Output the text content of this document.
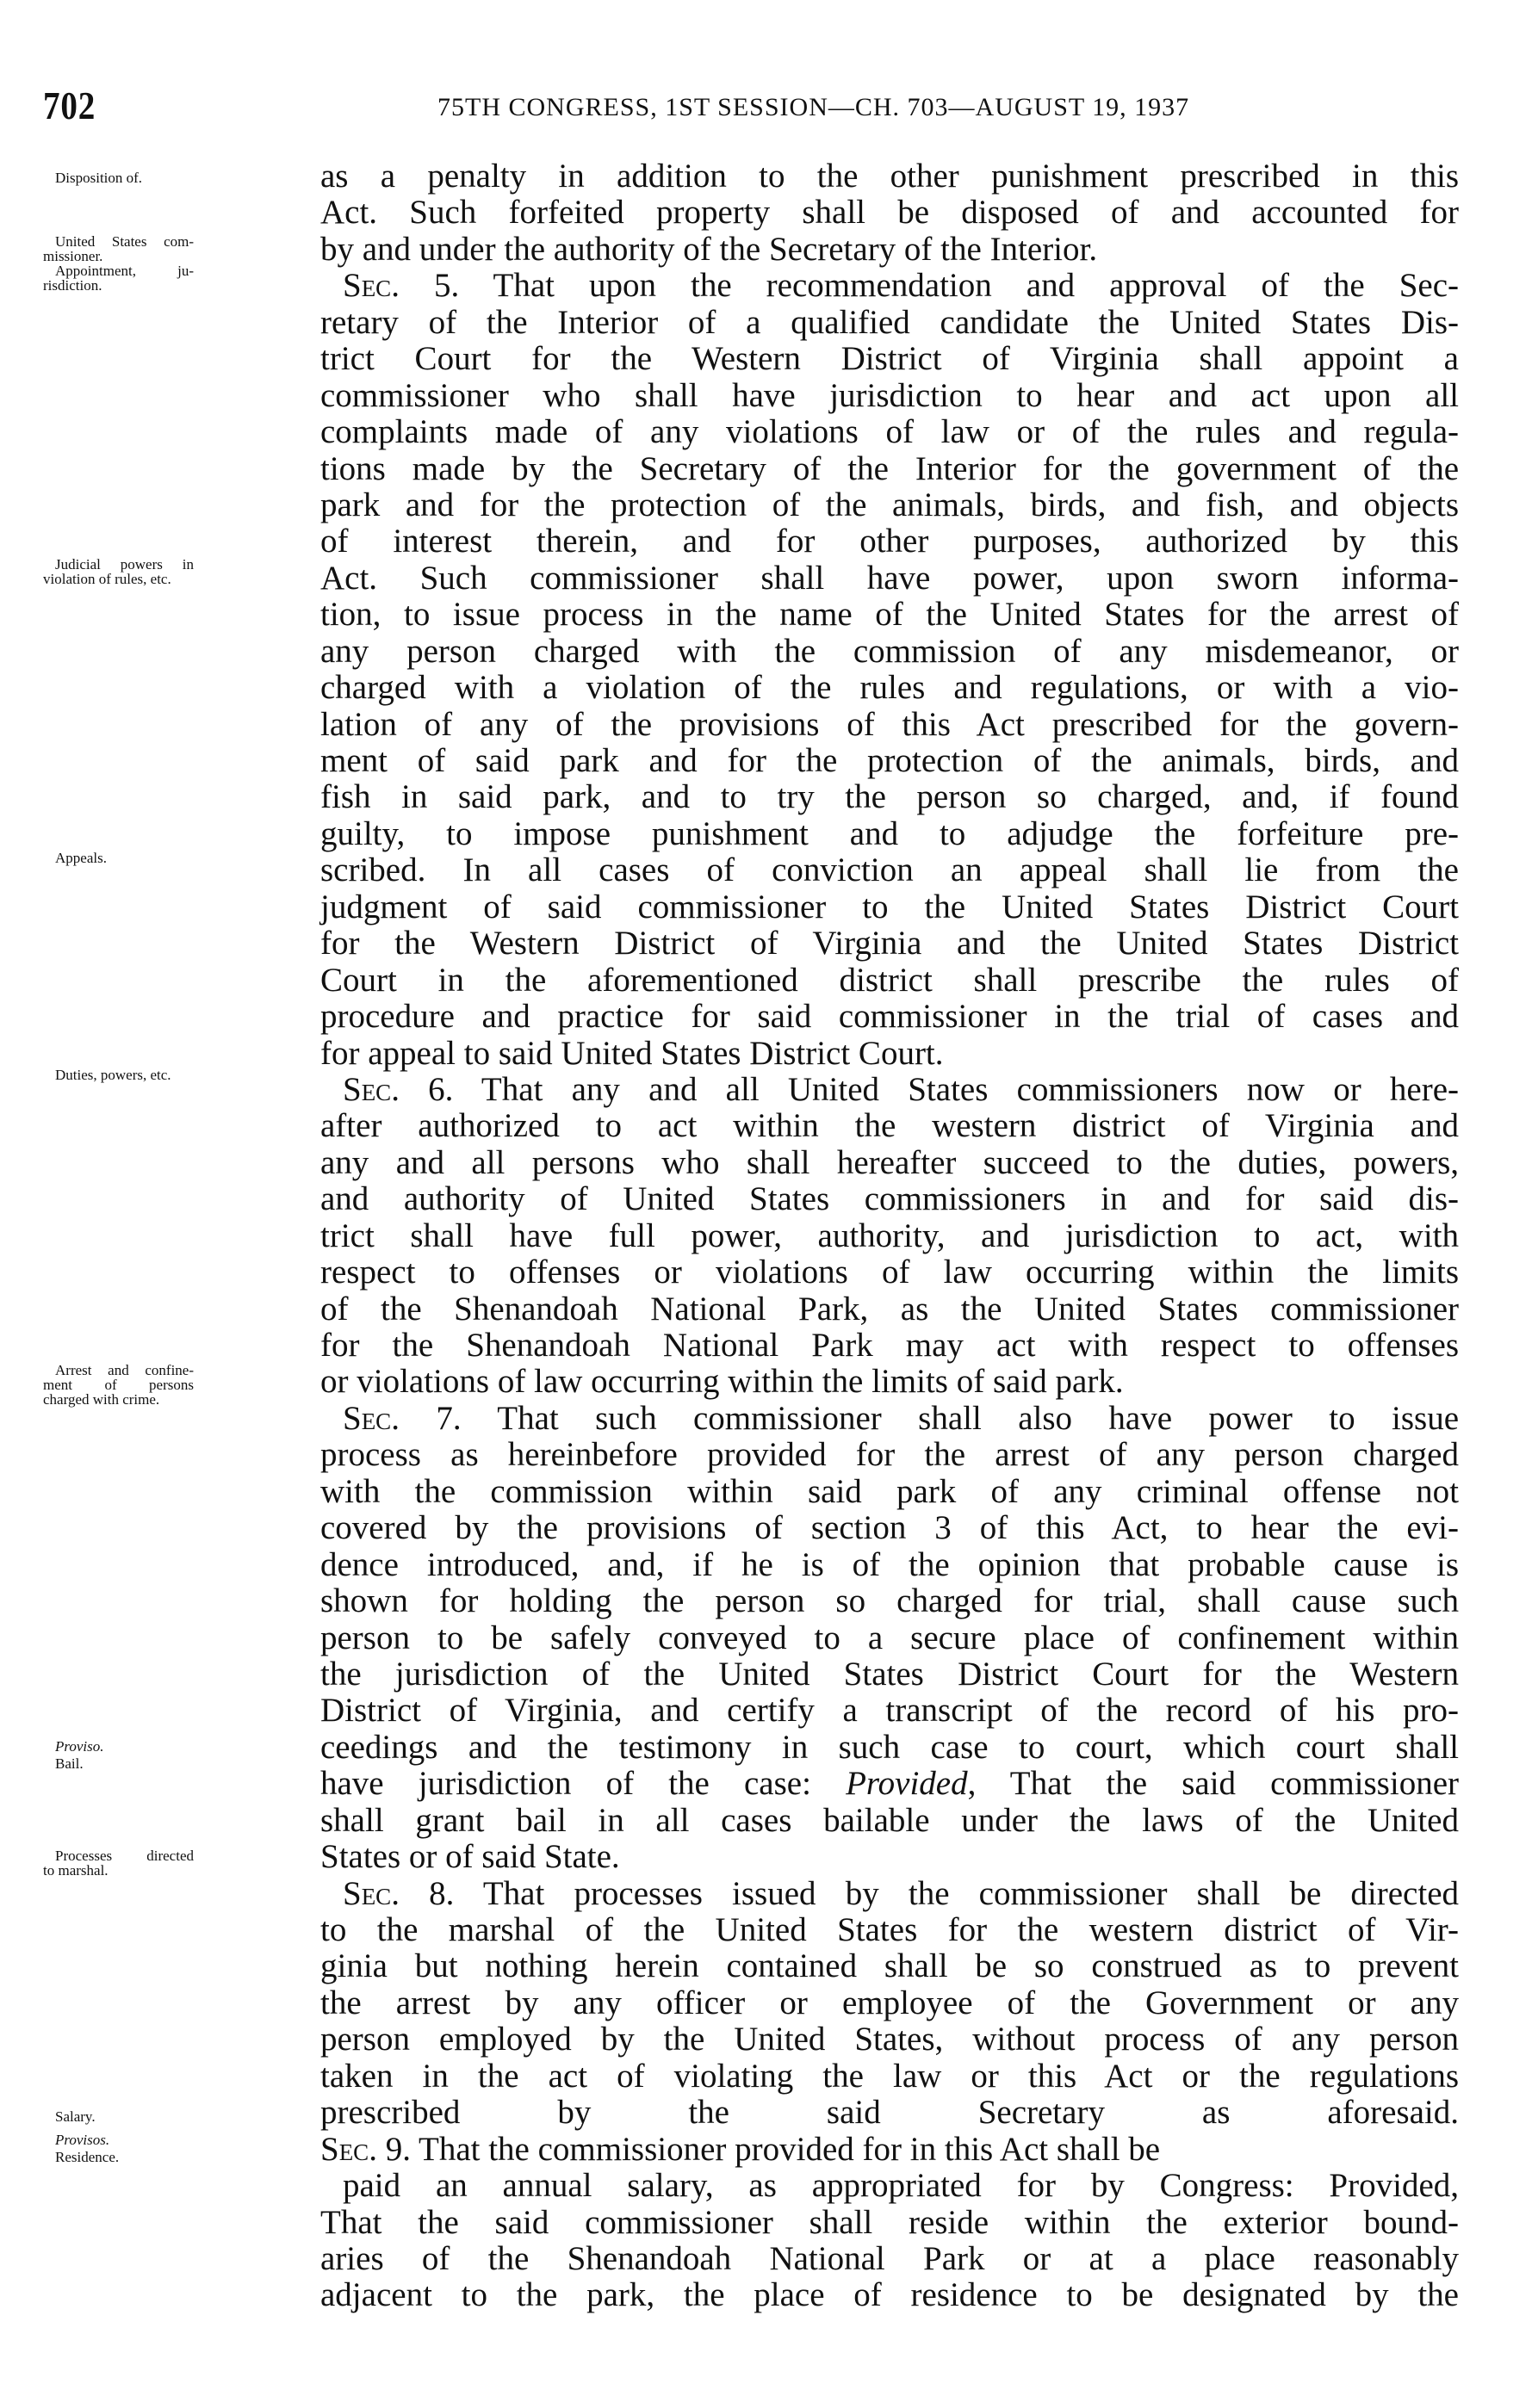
702	75TH CONGRESS, 1ST SESSION—CH. 703—AUGUST 19, 1937
Disposition of.
United States com-
missioner.
Appointment, ju-
risdiction.
Judicial powers in
violation of rules, etc.
Appeals.
Duties, powers, etc.
Arrest and confine-
ment of persons
charged with crime.
Proviso.
Bail.
Processes directed
to marshal.
Salary.
Provisos.
Residence.
as a penalty in addition to the other punishment prescribed in this
Act. Such forfeited property shall be disposed of and accounted for
by and under the authority of the Secretary of the Interior.
Sec. 5. That upon the recommendation and approval of the Sec-
retary of the Interior of a qualified candidate the United States Dis-
trict Court for the Western District of Virginia shall appoint a
commissioner who shall have jurisdiction to hear and act upon all
complaints made of any violations of law or of the rules and regula-
tions made by the Secretary of the Interior for the government of the
park and for the protection of the animals, birds, and fish, and objects
of interest therein, and for other purposes, authorized by this
Act. Such commissioner shall have power, upon sworn informa-
tion, to issue process in the name of the United States for the arrest of
any person charged with the commission of any misdemeanor, or
charged with a violation of the rules and regulations, or with a vio-
lation of any of the provisions of this Act prescribed for the govern-
ment of said park and for the protection of the animals, birds, and
fish in said park, and to try the person so charged, and, if found
guilty, to impose punishment and to adjudge the forfeiture pre-
scribed. In all cases of conviction an appeal shall lie from the
judgment of said commissioner to the United States District Court
for the Western District of Virginia and the United States District
Court in the aforementioned district shall prescribe the rules of
procedure and practice for said commissioner in the trial of cases and
for appeal to said United States District Court.
Sec. 6. That any and all United States commissioners now or here-
after authorized to act within the western district of Virginia and
any and all persons who shall hereafter succeed to the duties, powers,
and authority of United States commissioners in and for said dis-
trict shall have full power, authority, and jurisdiction to act, with
respect to offenses or violations of law occurring within the limits
of the Shenandoah National Park, as the United States commissioner
for the Shenandoah National Park may act with respect to offenses
or violations of law occurring within the limits of said park.
Sec. 7. That such commissioner shall also have power to issue
process as hereinbefore provided for the arrest of any person charged
with the commission within said park of any criminal offense not
covered by the provisions of section 3 of this Act, to hear the evi-
dence introduced, and, if he is of the opinion that probable cause is
shown for holding the person so charged for trial, shall cause such
person to be safely conveyed to a secure place of confinement within
the jurisdiction of the United States District Court for the Western
District of Virginia, and certify a transcript of the record of his pro-
ceedings and the testimony in such case to court, which court shall
have jurisdiction of the case: Provided, That the said commissioner
shall grant bail in all cases bailable under the laws of the United
States or of said State.
Sec. 8. That processes issued by the commissioner shall be directed
to the marshal of the United States for the western district of Vir-
ginia but nothing herein contained shall be so construed as to prevent
the arrest by any officer or employee of the Government or any
person employed by the United States, without process of any person
taken in the act of violating the law or this Act or the regulations
prescribed by the said Secretary as aforesaid.
Sec. 9. That the commissioner provided for in this Act shall be
paid an annual salary, as appropriated for by Congress: Provided,
That the said commissioner shall reside within the exterior bound-
aries of the Shenandoah National Park or at a place reasonably
adjacent to the park, the place of residence to be designated by the
